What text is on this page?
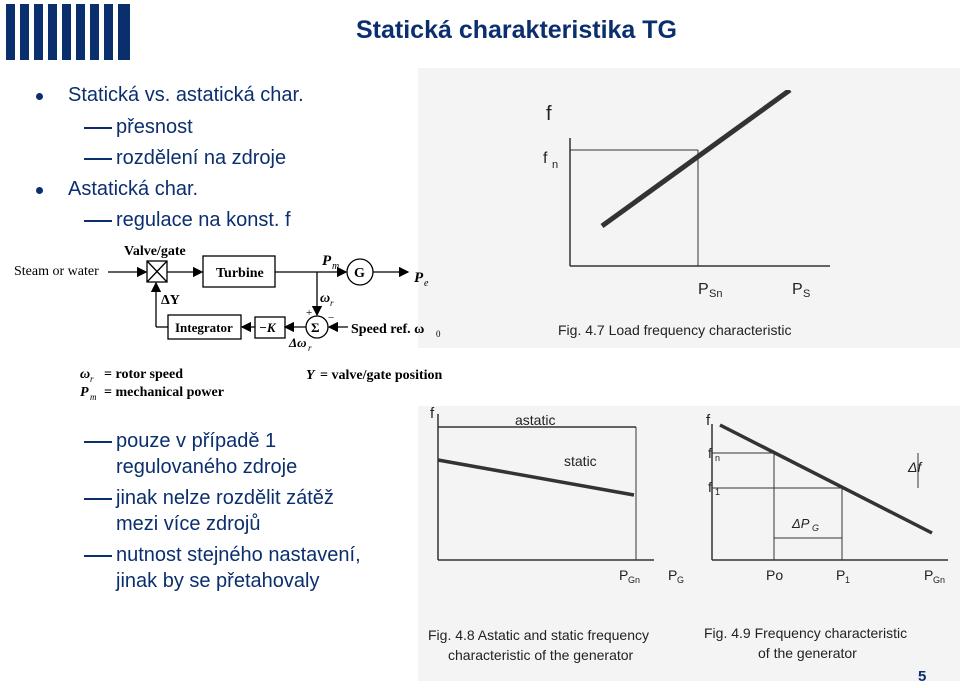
Statická charakteristika TG
Statická vs. astatická char.
přesnost
rozdělení na zdroje
Astatická char.
regulace na konst. f
pouze v případě 1
regulovaného zdroje
jinak nelze rozdělit zátěž
mezi více zdrojů
nutnost stejného nastavení,
jinak by se přetahovaly
Steam or water
Valve/gate
Turbine	G
P m
P e
ω r
ΔY
Integrator −K	Σ
+ −
Δω r
Speed ref. ω 0
ω r = rotor speed
P m = mechanical power
Y = valve/gate position
f
f n
P Sn	P S
Fig. 4.7 Load frequency characteristic
f	astatic
static
P Gn P G
Fig. 4.8 Astatic and static frequency
characteristic of the generator
f
f n
f 1
Δf
ΔP G
Po	P 1	P Gn
Fig. 4.9 Frequency characteristic
of the generator
5
